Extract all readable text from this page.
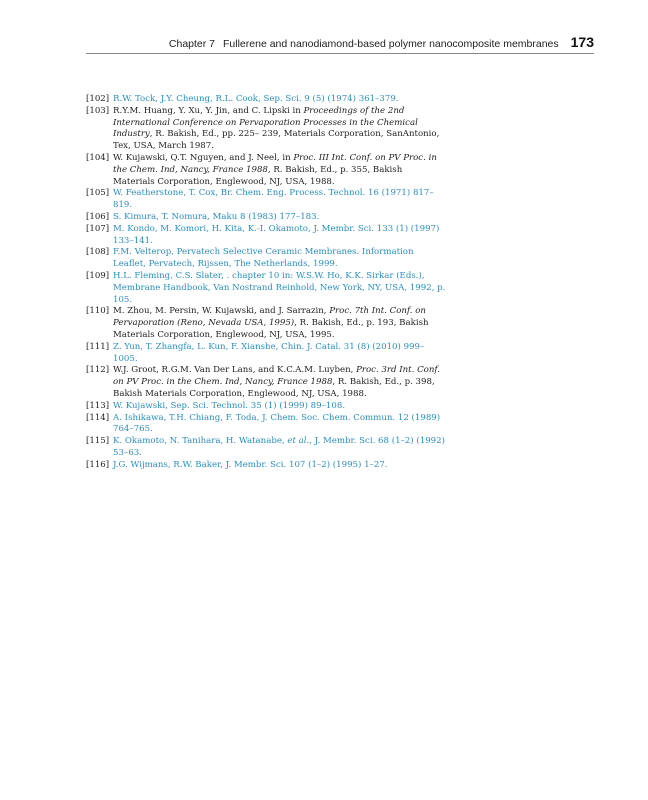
Chapter 7 Fullerene and nanodiamond-based polymer nanocomposite membranes 173
[102] R.W. Tock, J.Y. Cheung, R.L. Cook, Sep. Sci. 9 (5) (1974) 361–379.
[103] R.Y.M. Huang, Y. Xu, Y. Jin, and C. Lipski in Proceedings of the 2nd International Conference on Pervaporation Processes in the Chemical Industry, R. Bakish, Ed., pp. 225– 239, Materials Corporation, SanAntonio, Tex, USA, March 1987.
[104] W. Kujawski, Q.T. Nguyen, and J. Neel, in Proc. III Int. Conf. on PV Proc. in the Chem. Ind, Nancy, France 1988, R. Bakish, Ed., p. 355, Bakish Materials Corporation, Englewood, NJ, USA, 1988.
[105] W. Featherstone, T. Cox, Br. Chem. Eng. Process. Technol. 16 (1971) 817–819.
[106] S. Kimura, T. Nomura, Maku 8 (1983) 177–183.
[107] M. Kondo, M. Komori, H. Kita, K.-I. Okamoto, J. Membr. Sci. 133 (1) (1997) 133–141.
[108] F.M. Velterop, Pervatech Selective Ceramic Membranes. Information Leaflet, Pervatech, Rijssen, The Netherlands, 1999.
[109] H.L. Fleming, C.S. Slater, . chapter 10 in: W.S.W. Ho, K.K. Sirkar (Eds.), Membrane Handbook, Van Nostrand Reinhold, New York, NY, USA, 1992, p. 105.
[110] M. Zhou, M. Persin, W. Kujawski, and J. Sarrazin, Proc. 7th Int. Conf. on Pervaporation (Reno, Nevada USA, 1995), R. Bakish, Ed., p. 193, Bakish Materials Corporation, Englewood, NJ, USA, 1995.
[111] Z. Yun, T. Zhangfa, L. Kun, F. Xianshe, Chin. J. Catal. 31 (8) (2010) 999–1005.
[112] W.J. Groot, R.G.M. Van Der Lans, and K.C.A.M. Luyben, Proc. 3rd Int. Conf. on PV Proc. in the Chem. Ind, Nancy, France 1988, R. Bakish, Ed., p. 398, Bakish Materials Corporation, Englewood, NJ, USA, 1988.
[113] W. Kujawski, Sep. Sci. Technol. 35 (1) (1999) 89–108.
[114] A. Ishikawa, T.H. Chiang, F. Toda, J. Chem. Soc. Chem. Commun. 12 (1989) 764–765.
[115] K. Okamoto, N. Tanihara, H. Watanabe, et al., J. Membr. Sci. 68 (1–2) (1992) 53–63.
[116] J.G. Wijmans, R.W. Baker, J. Membr. Sci. 107 (1–2) (1995) 1–27.
